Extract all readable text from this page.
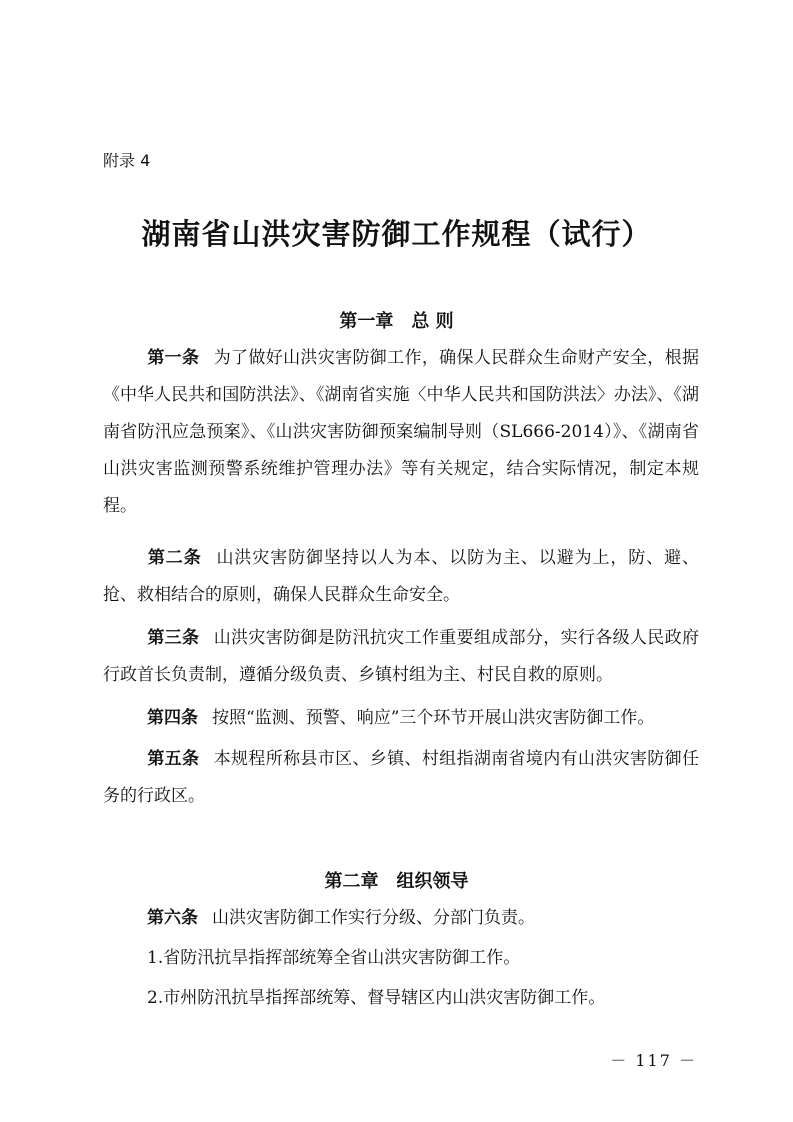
附录 4
湖南省山洪灾害防御工作规程（试行）
第一章 总 则
第一条 为了做好山洪灾害防御工作，确保人民群众生命财产安全，根据《中华人民共和国防洪法》、《湖南省实施〈中华人民共和国防洪法〉办法》、《湖南省防汛应急预案》、《山洪灾害防御预案编制导则（SL666-2014）》、《湖南省山洪灾害监测预警系统维护管理办法》等有关规定，结合实际情况，制定本规程。
第二条 山洪灾害防御坚持以人为本、以防为主、以避为上，防、避、抢、救相结合的原则，确保人民群众生命安全。
第三条 山洪灾害防御是防汛抗灾工作重要组成部分，实行各级人民政府行政首长负责制，遵循分级负责、乡镇村组为主、村民自救的原则。
第四条 按照“监测、预警、响应”三个环节开展山洪灾害防御工作。
第五条 本规程所称县市区、乡镇、村组指湖南省境内有山洪灾害防御任务的行政区。
第二章 组织领导
第六条 山洪灾害防御工作实行分级、分部门负责。
1.省防汛抗旱指挥部统筹全省山洪灾害防御工作。
2.市州防汛抗旱指挥部统筹、督导辖区内山洪灾害防御工作。
－ 117 －
